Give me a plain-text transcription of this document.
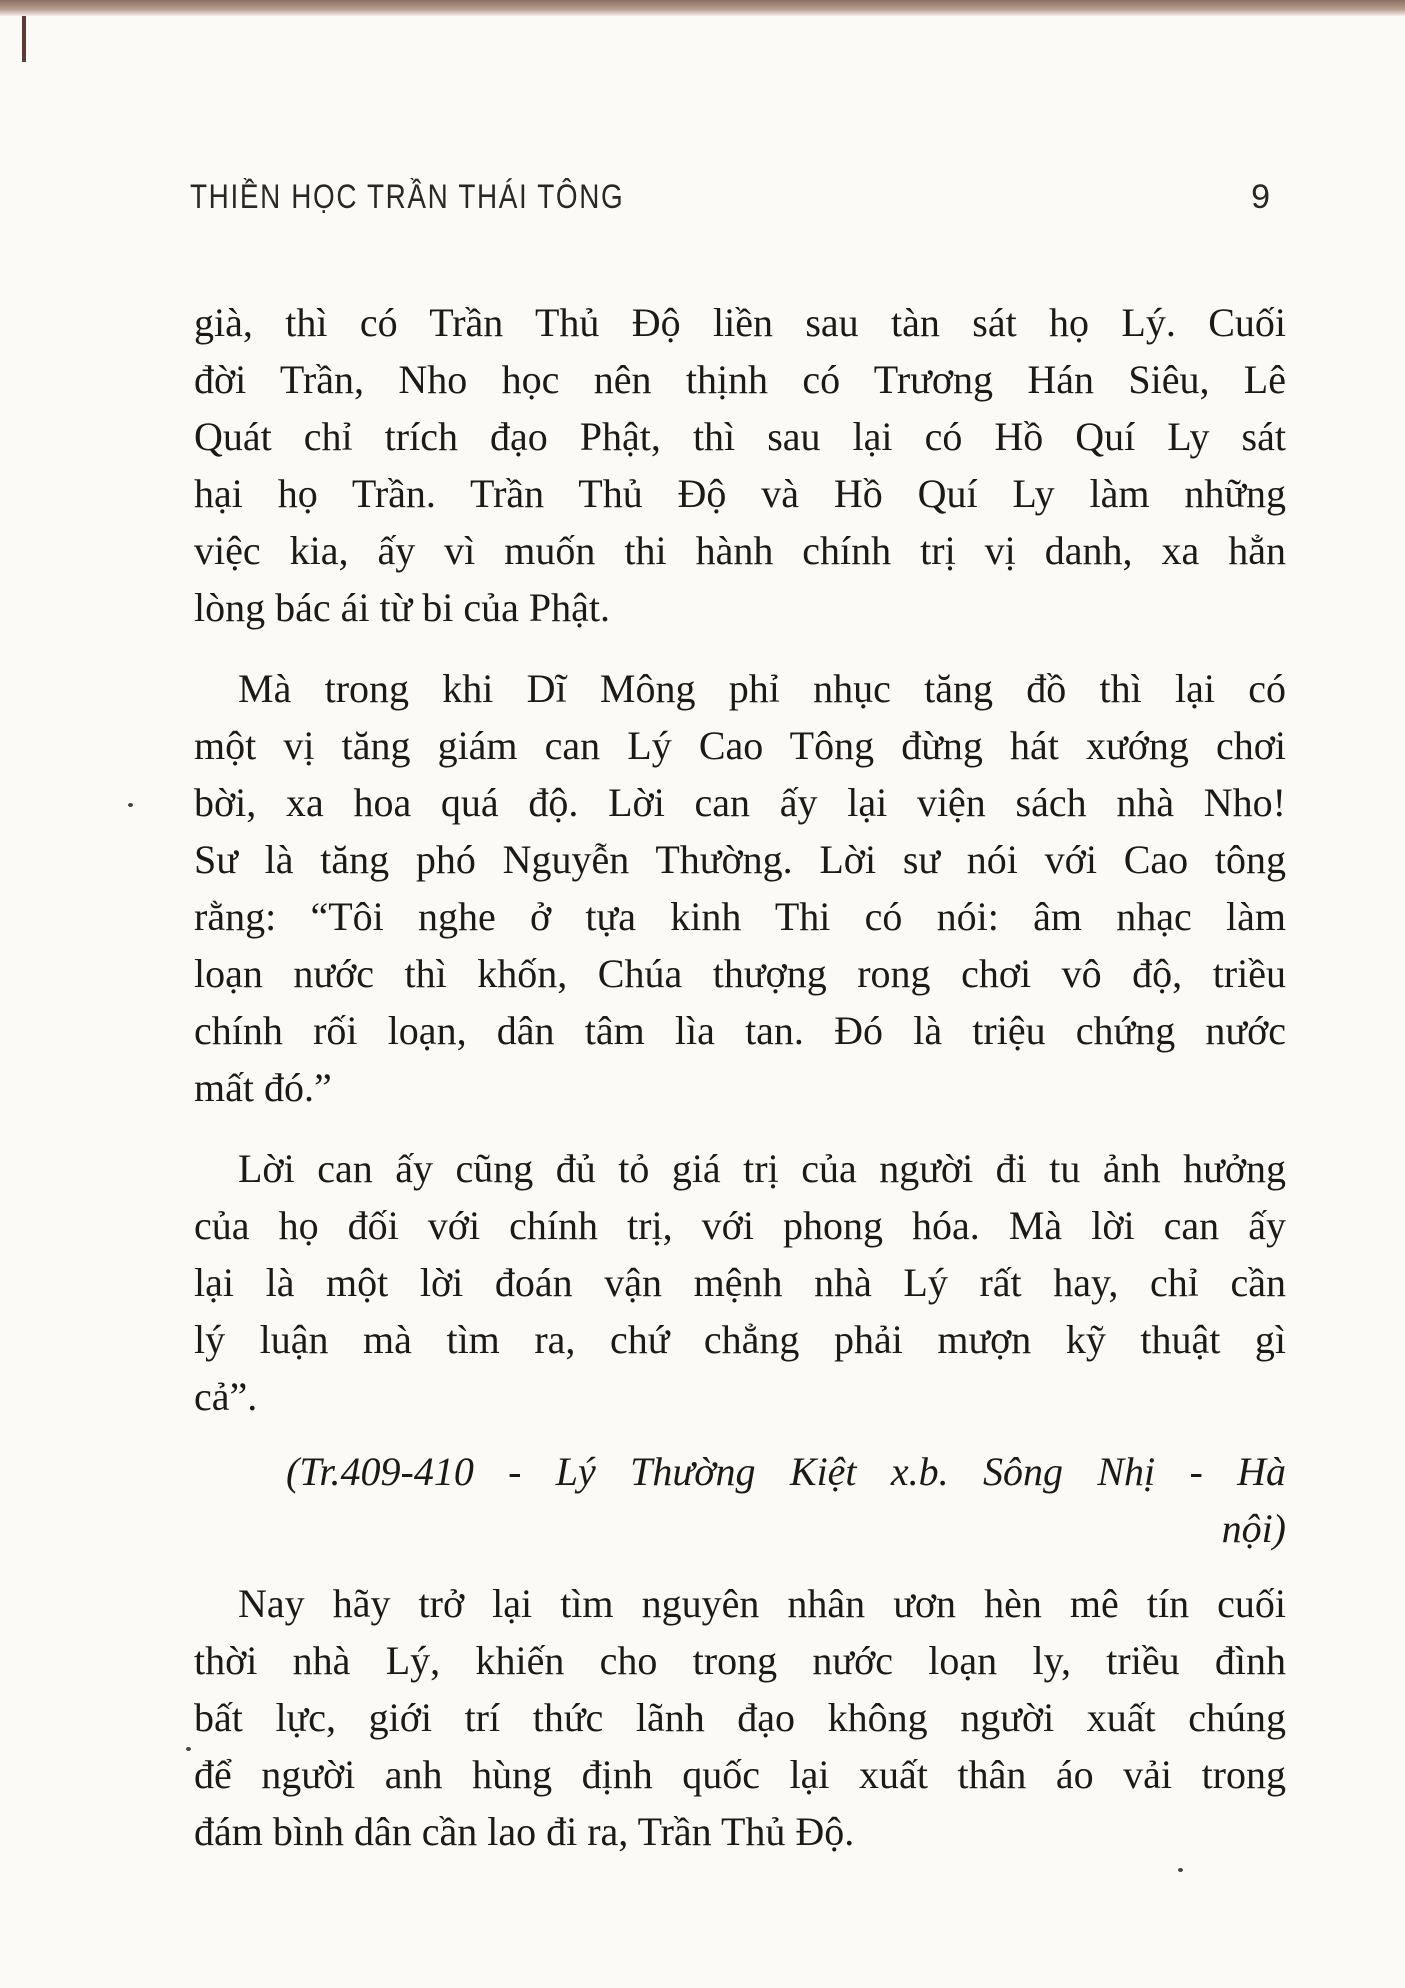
THIỀN HỌC TRẦN THÁI TÔNG	9
già, thì có Trần Thủ Độ liền sau tàn sát họ Lý. Cuối
đời Trần, Nho học nên thịnh có Trương Hán Siêu, Lê
Quát chỉ trích đạo Phật, thì sau lại có Hồ Quí Ly sát
hại họ Trần. Trần Thủ Độ và Hồ Quí Ly làm những
việc kia, ấy vì muốn thi hành chính trị vị danh, xa hẳn
lòng bác ái từ bi của Phật.
Mà trong khi Dĩ Mông phỉ nhục tăng đồ thì lại có
một vị tăng giám can Lý Cao Tông đừng hát xướng chơi
bời, xa hoa quá độ. Lời can ấy lại viện sách nhà Nho!
Sư là tăng phó Nguyễn Thường. Lời sư nói với Cao tông
rằng: “Tôi nghe ở tựa kinh Thi có nói: âm nhạc làm
loạn nước thì khốn, Chúa thượng rong chơi vô độ, triều
chính rối loạn, dân tâm lìa tan. Đó là triệu chứng nước
mất đó.”
Lời can ấy cũng đủ tỏ giá trị của người đi tu ảnh hưởng
của họ đối với chính trị, với phong hóa. Mà lời can ấy
lại là một lời đoán vận mệnh nhà Lý rất hay, chỉ cần
lý luận mà tìm ra, chứ chẳng phải mượn kỹ thuật gì
cả”.
(Tr.409-410 - Lý Thường Kiệt x.b. Sông Nhị - Hà
nội)
Nay hãy trở lại tìm nguyên nhân ươn hèn mê tín cuối
thời nhà Lý, khiến cho trong nước loạn ly, triều đình
bất lực, giới trí thức lãnh đạo không người xuất chúng
để người anh hùng định quốc lại xuất thân áo vải trong
đám bình dân cần lao đi ra, Trần Thủ Độ.
